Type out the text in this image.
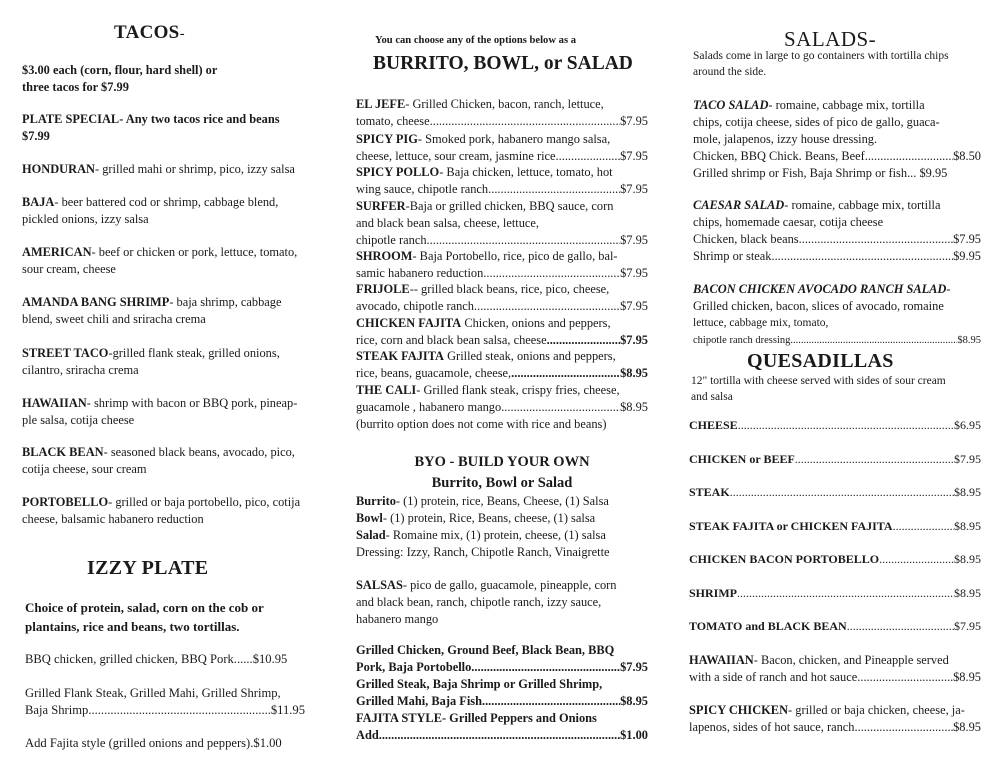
TACOS-
$3.00 each (corn, flour, hard shell) or
three tacos for $7.99
PLATE SPECIAL- Any two tacos rice and beans
$7.99
HONDURAN- grilled mahi or shrimp, pico, izzy salsa
BAJA- beer battered cod or shrimp, cabbage blend,
pickled onions, izzy salsa
AMERICAN- beef or chicken or pork, lettuce, tomato,
sour cream, cheese
AMANDA BANG SHRIMP- baja shrimp, cabbage
blend, sweet chili and sriracha crema
STREET TACO-grilled flank steak, grilled onions,
cilantro, sriracha crema
HAWAIIAN- shrimp with bacon or BBQ pork, pineap-
ple salsa, cotija cheese
BLACK BEAN- seasoned black beans, avocado, pico,
cotija cheese, sour cream
PORTOBELLO- grilled or baja portobello, pico, cotija
cheese, balsamic habanero reduction
IZZY PLATE
Choice of protein, salad, corn on the cob or
plantains, rice and beans, two tortillas.
BBQ chicken, grilled chicken, BBQ Pork......$10.95
Grilled Flank Steak, Grilled Mahi, Grilled Shrimp,
Baja Shrimp .....	$11.95
Add Fajita style (grilled onions and peppers).$1.00
You can choose any of the options below as a
BURRITO, BOWL, or SALAD
EL JEFE- Grilled Chicken, bacon, ranch, lettuce,
tomato, cheese .....	$7.95
SPICY PIG- Smoked pork, habanero mango salsa,
cheese, lettuce, sour cream, jasmine rice .....	$7.95
SPICY POLLO- Baja chicken, lettuce, tomato, hot
wing sauce, chipotle ranch .....	$7.95
SURFER-Baja or grilled chicken, BBQ sauce, corn
and black bean salsa, cheese, lettuce,
chipotle ranch .....	$7.95
SHROOM- Baja Portobello, rice, pico de gallo, bal-
samic habanero reduction .....	$7.95
FRIJOLE-- grilled black beans, rice, pico, cheese,
avocado, chipotle ranch .....	$7.95
CHICKEN FAJITA Chicken, onions and peppers,
rice, corn and black bean salsa, cheese .....	$7.95
STEAK FAJITA Grilled steak, onions and peppers,
rice, beans, guacamole, cheese, .....	$8.95
THE CALI- Grilled flank steak, crispy fries, cheese,
guacamole , habanero mango .....	$8.95
(burrito option does not come with rice and beans)
BYO - BUILD YOUR OWN
Burrito, Bowl or Salad
Burrito- (1) protein, rice, Beans, Cheese, (1) Salsa
Bowl- (1) protein, Rice, Beans, cheese, (1) salsa
Salad- Romaine mix, (1) protein, cheese, (1) salsa
Dressing: Izzy, Ranch, Chipotle Ranch, Vinaigrette
SALSAS- pico de gallo, guacamole, pineapple, corn
and black bean, ranch, chipotle ranch, izzy sauce,
habanero mango
Grilled Chicken, Ground Beef, Black Bean, BBQ
Pork, Baja Portobello .....	$7.95
Grilled Steak, Baja Shrimp or Grilled Shrimp,
Grilled Mahi, Baja Fish .....	$8.95
FAJITA STYLE- Grilled Peppers and Onions
Add .....	$1.00
SALADS-
Salads come in large to go containers with tortilla chips
around the side.
TACO SALAD- romaine, cabbage mix, tortilla
chips, cotija cheese, sides of pico de gallo, guaca-
mole, jalapenos, izzy house dressing.
Chicken, BBQ Chick. Beans, Beef .....	$8.50
Grilled shrimp or Fish, Baja Shrimp or fish... $9.95
CAESAR SALAD- romaine, cabbage mix, tortilla
chips, homemade caesar, cotija cheese
Chicken, black beans .....	$7.95
Shrimp or steak .....	$9.95
BACON CHICKEN AVOCADO RANCH SALAD-
Grilled chicken, bacon, slices of avocado, romaine
lettuce, cabbage mix, tomato,
chipotle ranch dressing .....	$8.95
QUESADILLAS
12" tortilla with cheese served with sides of sour cream
and salsa
CHEESE .....	$6.95
CHICKEN or BEEF .....	$7.95
STEAK .....	$8.95
STEAK FAJITA or CHICKEN FAJITA .....	$8.95
CHICKEN BACON PORTOBELLO .....	$8.95
SHRIMP .....	$8.95
TOMATO and BLACK BEAN .....	$7.95
HAWAIIAN- Bacon, chicken, and Pineapple served
with a side of ranch and hot sauce .....	$8.95
SPICY CHICKEN- grilled or baja chicken, cheese, ja-
lapenos, sides of hot sauce, ranch .....	$8.95
